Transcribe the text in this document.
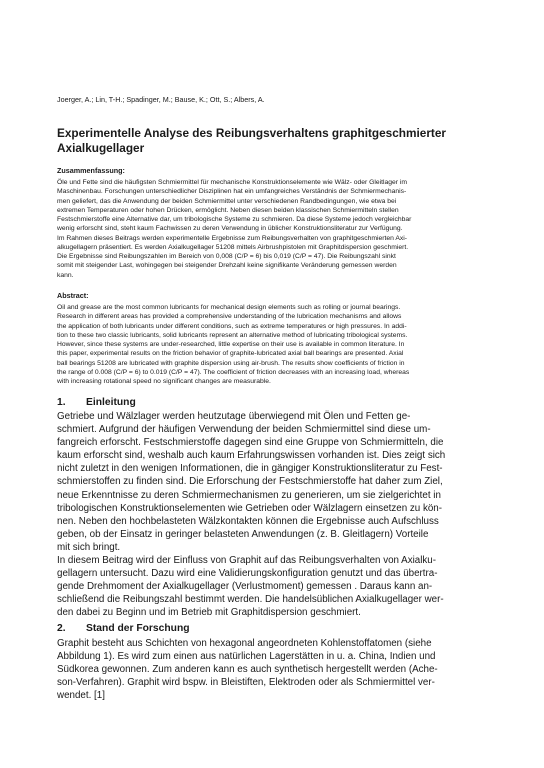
Joerger, A.; Lin, T-H.; Spadinger, M.; Bause, K.; Ott, S.; Albers, A.
Experimentelle Analyse des Reibungsverhaltens graphitgeschmierter Axialkugellager
Zusammenfassung:
Öle und Fette sind die häufigsten Schmiermittel für mechanische Konstruktionselemente wie Wälz- oder Gleitlager im
Maschinenbau. Forschungen unterschiedlicher Disziplinen hat ein umfangreiches Verständnis der Schmiermechanis-
men geliefert, das die Anwendung der beiden Schmiermittel unter verschiedenen Randbedingungen, wie etwa bei
extremen Temperaturen oder hohen Drücken, ermöglicht. Neben diesen beiden klassischen Schmiermitteln stellen
Festschmierstoffe eine Alternative dar, um tribologische Systeme zu schmieren. Da diese Systeme jedoch vergleichbar
wenig erforscht sind, steht kaum Fachwissen zu deren Verwendung in üblicher Konstruktionsliteratur zur Verfügung.
Im Rahmen dieses Beitrags werden experimentelle Ergebnisse zum Reibungsverhalten von graphitgeschmierten Axi-
alkugellagern präsentiert. Es werden Axialkugellager 51208 mittels Airbrushpistolen mit Graphitdispersion geschmiert.
Die Ergebnisse sind Reibungszahlen im Bereich von 0,008 (C/P = 6) bis 0,019 (C/P = 47). Die Reibungszahl sinkt
somit mit steigender Last, wohingegen bei steigender Drehzahl keine signifikante Veränderung gemessen werden
kann.
Abstract:
Oil and grease are the most common lubricants for mechanical design elements such as rolling or journal bearings.
Research in different areas has provided a comprehensive understanding of the lubrication mechanisms and allows
the application of both lubricants under different conditions, such as extreme temperatures or high pressures. In addi-
tion to these two classic lubricants, solid lubricants represent an alternative method of lubricating tribological systems.
However, since these systems are under-researched, little expertise on their use is available in common literature. In
this paper, experimental results on the friction behavior of graphite-lubricated axial ball bearings are presented. Axial
ball bearings 51208 are lubricated with graphite dispersion using air-brush. The results show coefficients of friction in
the range of 0.008 (C/P = 6) to 0.019 (C/P = 47). The coefficient of friction decreases with an increasing load, whereas
with increasing rotational speed no significant changes are measurable.
1. Einleitung
Getriebe und Wälzlager werden heutzutage überwiegend mit Ölen und Fetten ge-
schmiert. Aufgrund der häufigen Verwendung der beiden Schmiermittel sind diese um-
fangreich erforscht. Festschmierstoffe dagegen sind eine Gruppe von Schmiermitteln, die
kaum erforscht sind, weshalb auch kaum Erfahrungswissen vorhanden ist. Dies zeigt sich
nicht zuletzt in den wenigen Informationen, die in gängiger Konstruktionsliteratur zu Fest-
schmierstoffen zu finden sind. Die Erforschung der Festschmierstoffe hat daher zum Ziel,
neue Erkenntnisse zu deren Schmiermechanismen zu generieren, um sie zielgerichtet in
tribologischen Konstruktionselementen wie Getrieben oder Wälzlagern einsetzen zu kön-
nen. Neben den hochbelasteten Wälzkontakten können die Ergebnisse auch Aufschluss
geben, ob der Einsatz in geringer belasteten Anwendungen (z. B. Gleitlagern) Vorteile
mit sich bringt.
In diesem Beitrag wird der Einfluss von Graphit auf das Reibungsverhalten von Axialku-
gellagern untersucht. Dazu wird eine Validierungskonfiguration genutzt und das übertra-
gende Drehmoment der Axialkugellager (Verlustmoment) gemessen . Daraus kann an-
schließend die Reibungszahl bestimmt werden. Die handelsüblichen Axialkugellager wer-
den dabei zu Beginn und im Betrieb mit Graphitdispersion geschmiert.
2. Stand der Forschung
Graphit besteht aus Schichten von hexagonal angeordneten Kohlenstoffatomen (siehe
Abbildung 1). Es wird zum einen aus natürlichen Lagerstätten in u. a. China, Indien und
Südkorea gewonnen. Zum anderen kann es auch synthetisch hergestellt werden (Ache-
son-Verfahren). Graphit wird bspw. in Bleistiften, Elektroden oder als Schmiermittel ver-
wendet. [1]
